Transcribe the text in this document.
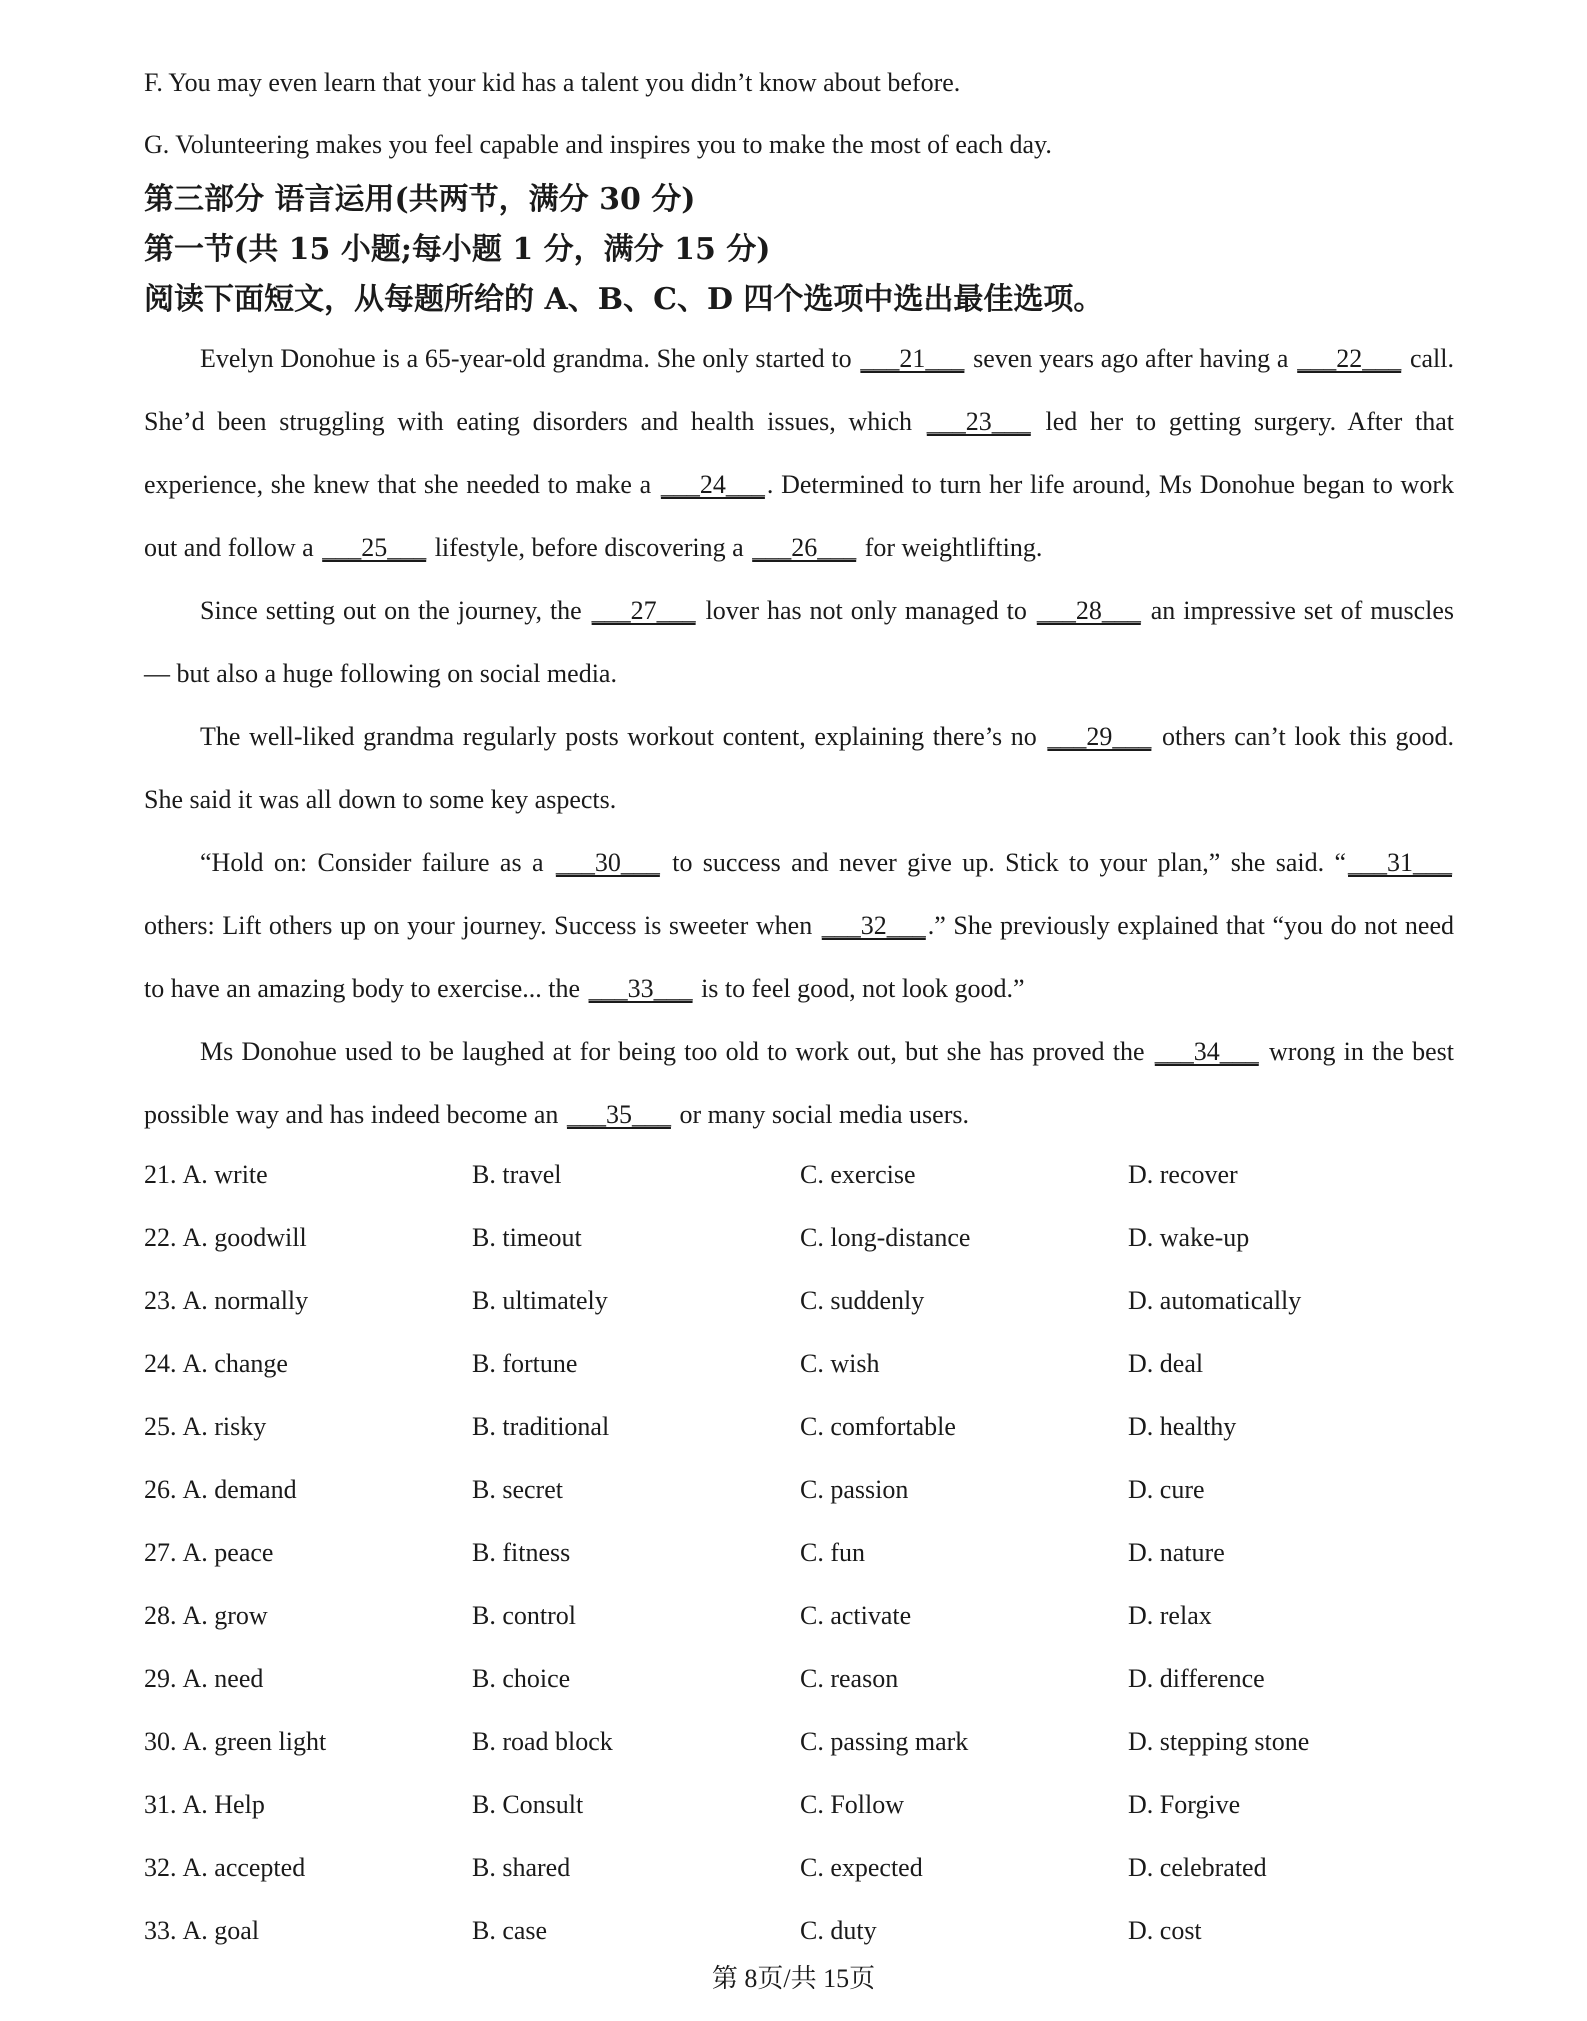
F. You may even learn that your kid has a talent you didn’t know about before.
G. Volunteering makes you feel capable and inspires you to make the most of each day.
第三部分 语言运用(共两节，满分 30 分)
第一节(共 15 小题;每小题 1 分，满分 15 分)
阅读下面短文，从每题所给的 A、B、C、D 四个选项中选出最佳选项。
Evelyn Donohue is a 65-year-old grandma. She only started to ___21___ seven years ago after having a ___22___ call. She’d been struggling with eating disorders and health issues, which ___23___ led her to getting surgery. After that experience, she knew that she needed to make a ___24___. Determined to turn her life around, Ms Donohue began to work out and follow a ___25___ lifestyle, before discovering a ___26___ for weightlifting.
Since setting out on the journey, the ___27___ lover has not only managed to ___28___ an impressive set of muscles — but also a huge following on social media.
The well-liked grandma regularly posts workout content, explaining there’s no ___29___ others can’t look this good. She said it was all down to some key aspects.
“Hold on: Consider failure as a ___30___ to success and never give up. Stick to your plan,” she said. “___31___ others: Lift others up on your journey. Success is sweeter when ___32___.” She previously explained that “you do not need to have an amazing body to exercise... the ___33___ is to feel good, not look good.”
Ms Donohue used to be laughed at for being too old to work out, but she has proved the ___34___ wrong in the best possible way and has indeed become an ___35___ or many social media users.
21. A. write	B. travel	C. exercise	D. recover
22. A. goodwill	B. timeout	C. long-distance	D. wake-up
23. A. normally	B. ultimately	C. suddenly	D. automatically
24. A. change	B. fortune	C. wish	D. deal
25. A. risky	B. traditional	C. comfortable	D. healthy
26. A. demand	B. secret	C. passion	D. cure
27. A. peace	B. fitness	C. fun	D. nature
28. A. grow	B. control	C. activate	D. relax
29. A. need	B. choice	C. reason	D. difference
30. A. green light	B. road block	C. passing mark	D. stepping stone
31. A. Help	B. Consult	C. Follow	D. Forgive
32. A. accepted	B. shared	C. expected	D. celebrated
33. A. goal	B. case	C. duty	D. cost
第 8页/共 15页
